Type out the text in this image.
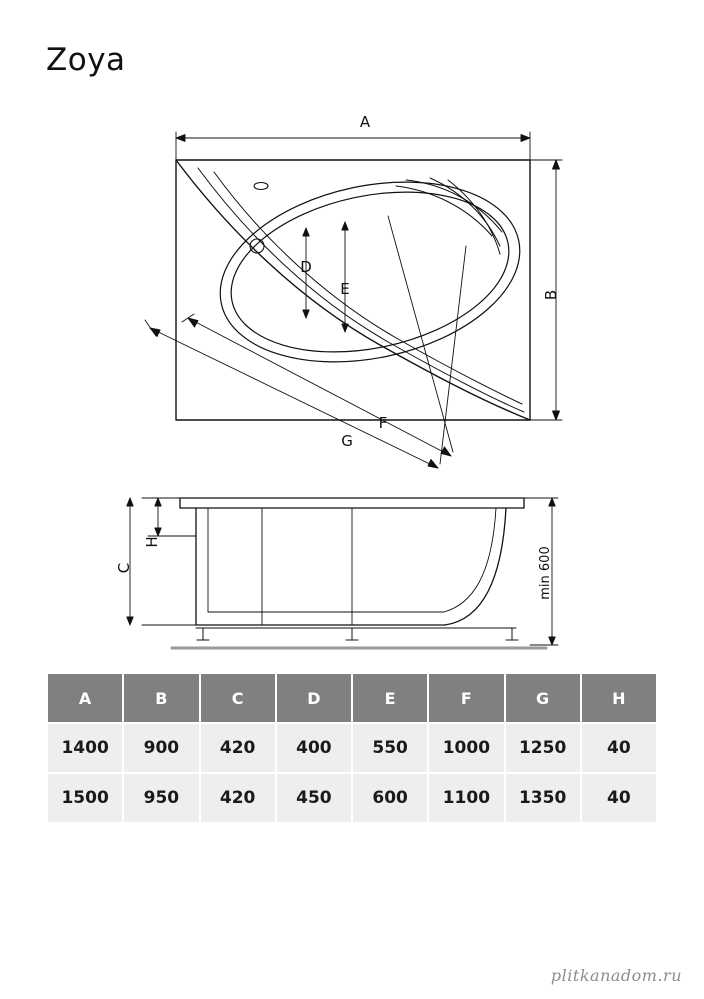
Zoya
A
B
D
E
F
G
C
H
min 600
A	B	C	D	E	F	G	H
1400	900	420	400	550	1000	1250	40
1500	950	420	450	600	1100	1350	40
plitkanadom.ru
